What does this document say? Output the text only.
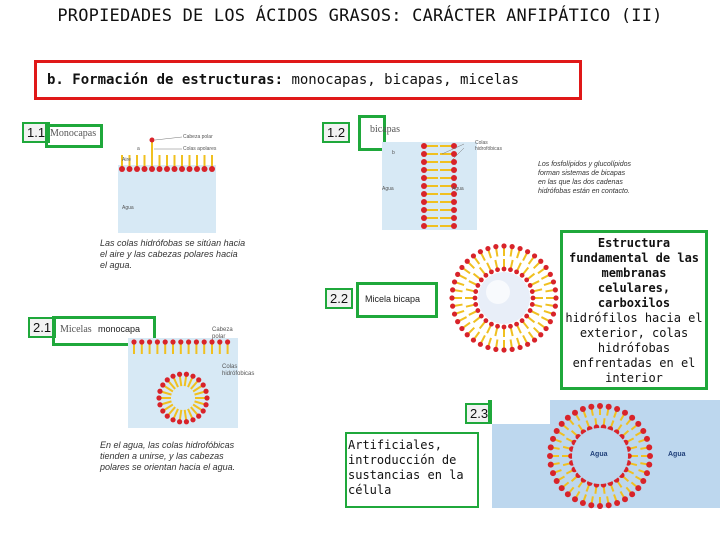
PROPIEDADES DE LOS ÁCIDOS GRASOS: CARÁCTER ANFIPÁTICO (II)
b. Formación de estructuras: monocapas, bicapas, micelas
1.1 Monocapas	Cabeza polar
Colas apolares
a
Aire
Agua
Las colas hidrófobas se sitúan hacia
el aire y las cabezas polares hacia
el agua.
1.2	bicapas
b
Colas
hidrofóbicas
Agua	Agua
Los fosfolípidos y glucolípidos
forman sistemas de bicapas
en las que las dos cadenas
hidrófobas están en contacto.
2.1 Micelas monocapa	Cabeza
polar
Colas
hidrófobicas
En el agua, las colas hidrofóbicas
tienden a unirse, y las cabezas
polares se orientan hacia el agua.
2.2	Micela bicapa
Estructura
fundamental de las
membranas
celulares, carboxilos
hidrófilos hacia el
exterior, colas
hidrófobas
enfrentadas en el
interior
2.3
Agua	Agua
Artificiales,
introducción de
sustancias en la
célula
